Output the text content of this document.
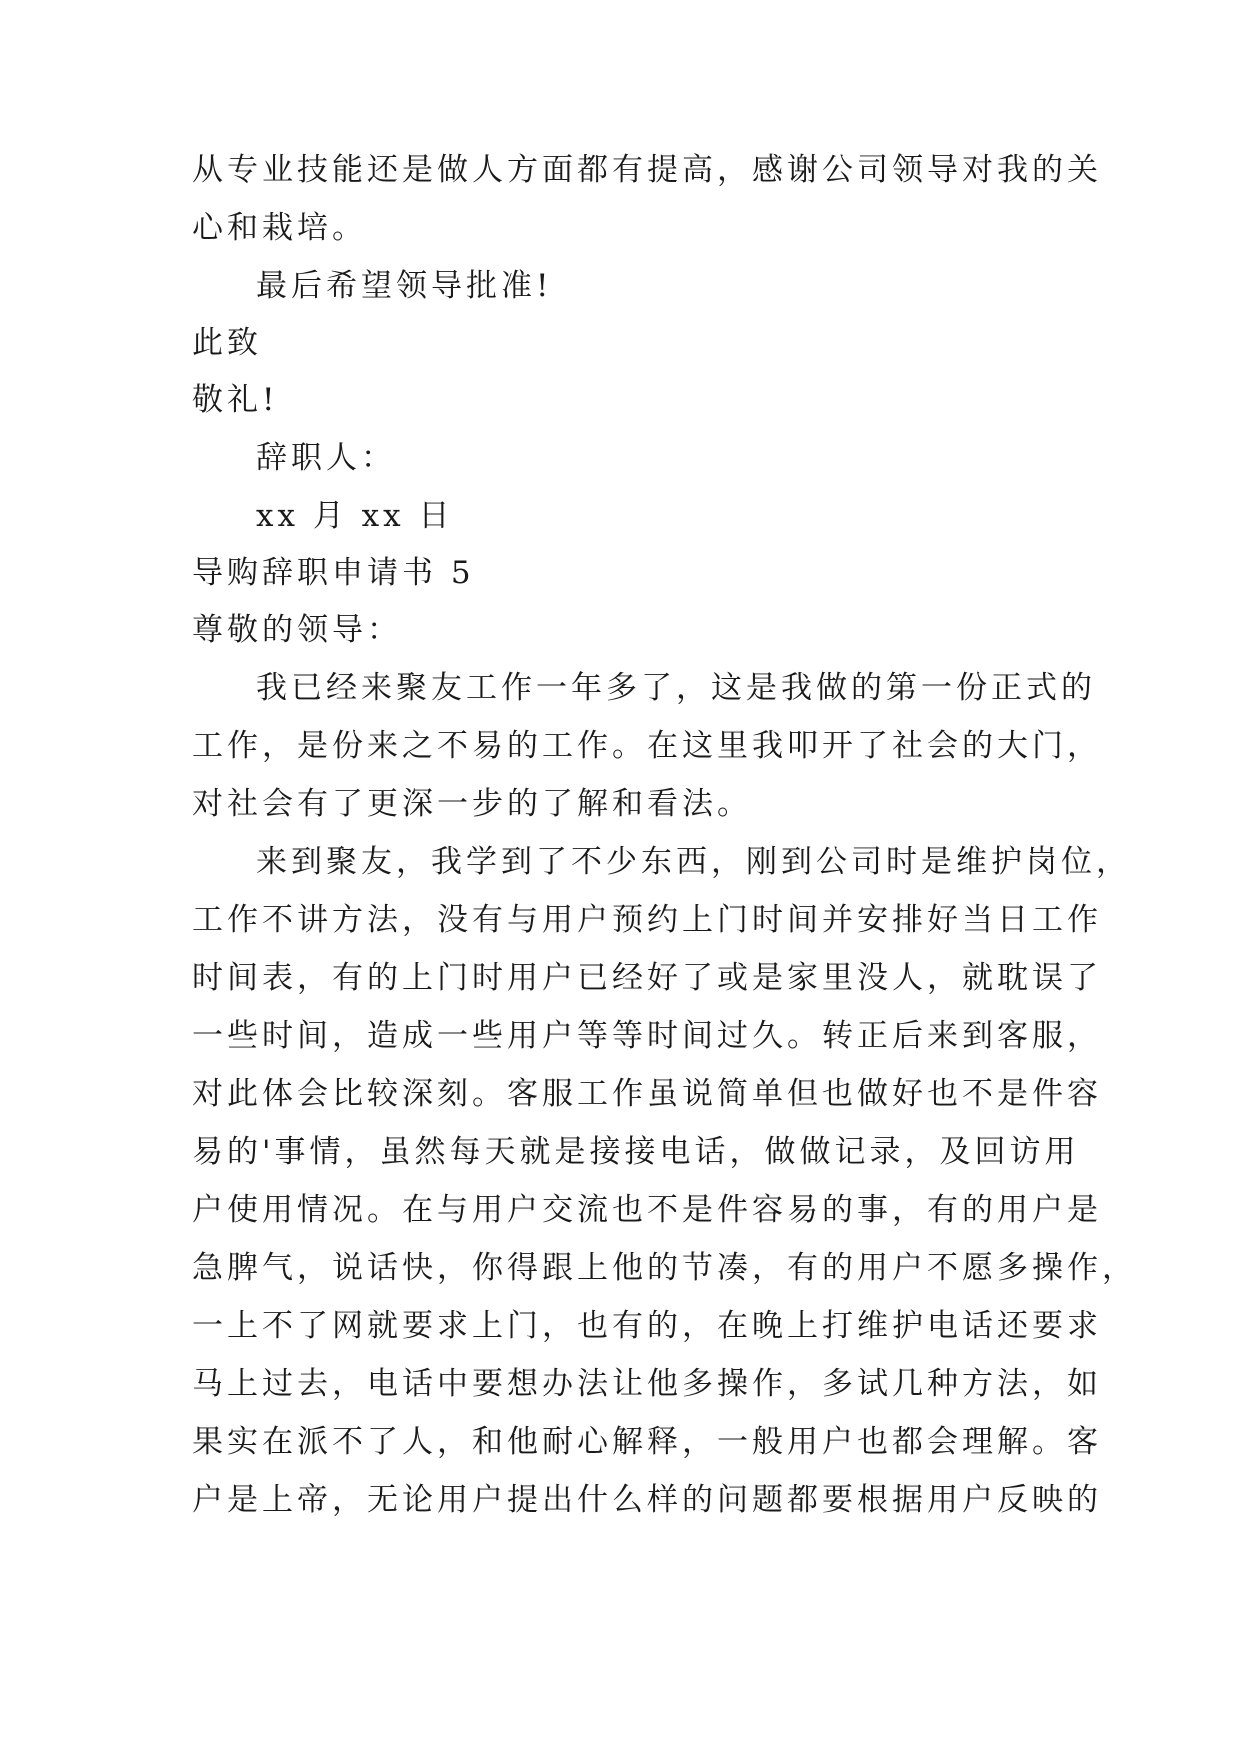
从专业技能还是做人方面都有提高，感谢公司领导对我的关
心和栽培。
最后希望领导批准!
此致
敬礼!
辞职人：
xx 月 xx 日
导购辞职申请书 5
尊敬的领导：
我已经来聚友工作一年多了，这是我做的第一份正式的
工作，是份来之不易的工作。在这里我叩开了社会的大门，
对社会有了更深一步的了解和看法。
来到聚友，我学到了不少东西，刚到公司时是维护岗位，
工作不讲方法，没有与用户预约上门时间并安排好当日工作
时间表，有的上门时用户已经好了或是家里没人，就耽误了
一些时间，造成一些用户等等时间过久。转正后来到客服，
对此体会比较深刻。客服工作虽说简单但也做好也不是件容
易的'事情，虽然每天就是接接电话，做做记录，及回访用
户使用情况。在与用户交流也不是件容易的事，有的用户是
急脾气，说话快，你得跟上他的节凑，有的用户不愿多操作，
一上不了网就要求上门，也有的，在晚上打维护电话还要求
马上过去，电话中要想办法让他多操作，多试几种方法，如
果实在派不了人，和他耐心解释，一般用户也都会理解。客
户是上帝，无论用户提出什么样的问题都要根据用户反映的
